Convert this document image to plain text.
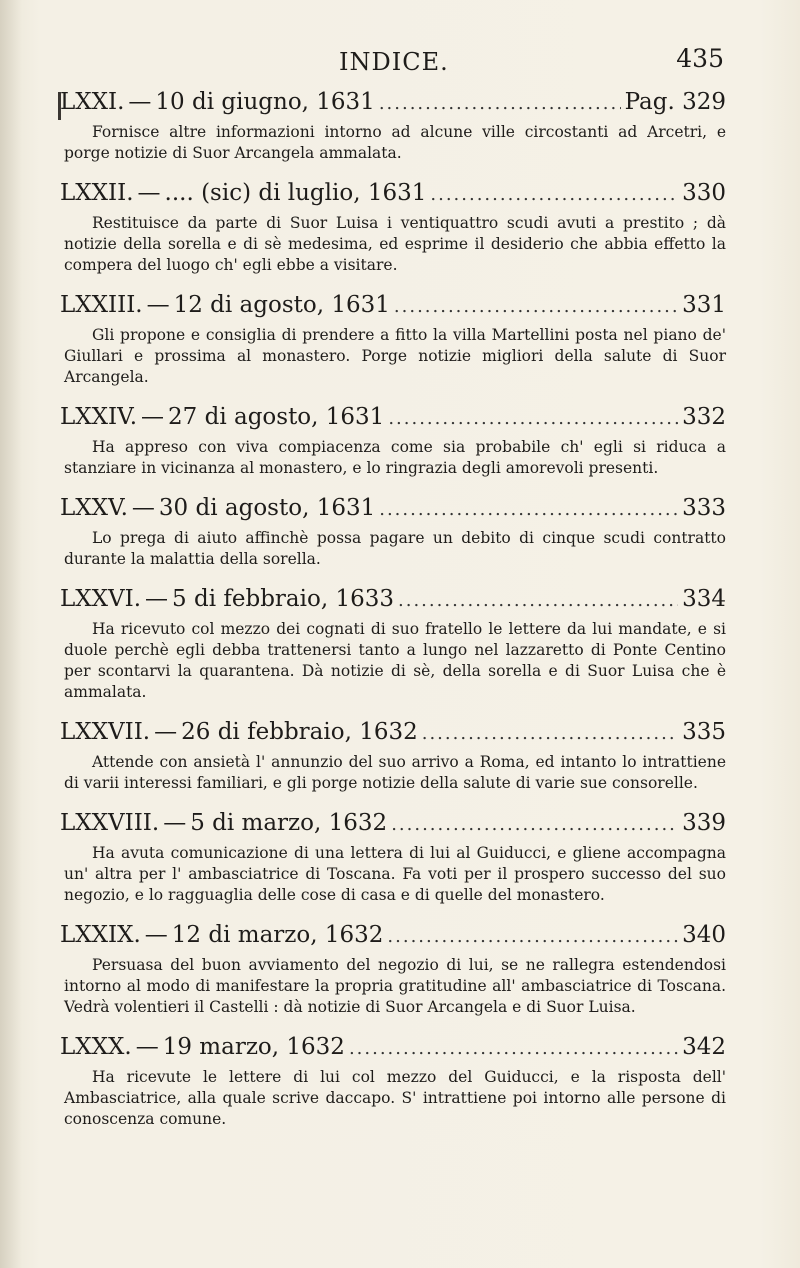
INDICE.	435
LXXI. — 10 di giugno, 1631 .....	Pag. 329
Fornisce altre informazioni intorno ad alcune ville circostanti ad Arcetri, e porge notizie di Suor Arcangela ammalata.
LXXII. — .... (sic) di luglio, 1631 .....	330
Restituisce da parte di Suor Luisa i ventiquattro scudi avuti a prestito ; dà notizie della sorella e di sè medesima, ed esprime il desiderio che abbia effetto la compera del luogo ch' egli ebbe a visitare.
LXXIII. — 12 di agosto, 1631 .....	331
Gli propone e consiglia di prendere a fitto la villa Martellini posta nel piano de' Giullari e prossima al monastero. Porge notizie migliori della salute di Suor Arcangela.
LXXIV. — 27 di agosto, 1631 .....	332
Ha appreso con viva compiacenza come sia probabile ch' egli si riduca a stanziare in vicinanza al monastero, e lo ringrazia degli amorevoli presenti.
LXXV. — 30 di agosto, 1631 .....	333
Lo prega di aiuto affinchè possa pagare un debito di cinque scudi contratto durante la malattia della sorella.
LXXVI. — 5 di febbraio, 1633 .....	334
Ha ricevuto col mezzo dei cognati di suo fratello le lettere da lui mandate, e si duole perchè egli debba trattenersi tanto a lungo nel lazzaretto di Ponte Centino per scontarvi la quarantena. Dà notizie di sè, della sorella e di Suor Luisa che è ammalata.
LXXVII. — 26 di febbraio, 1632 .....	335
Attende con ansietà l' annunzio del suo arrivo a Roma, ed intanto lo intrattiene di varii interessi familiari, e gli porge notizie della salute di varie sue consorelle.
LXXVIII. — 5 di marzo, 1632 .....	339
Ha avuta comunicazione di una lettera di lui al Guiducci, e gliene accompagna un' altra per l' ambasciatrice di Toscana. Fa voti per il prospero successo del suo negozio, e lo ragguaglia delle cose di casa e di quelle del monastero.
LXXIX. — 12 di marzo, 1632 .....	340
Persuasa del buon avviamento del negozio di lui, se ne rallegra estendendosi intorno al modo di manifestare la propria gratitudine all' ambasciatrice di Toscana. Vedrà volentieri il Castelli : dà notizie di Suor Arcangela e di Suor Luisa.
LXXX. — 19 marzo, 1632 .....	342
Ha ricevute le lettere di lui col mezzo del Guiducci, e la risposta dell' Ambasciatrice, alla quale scrive daccapo. S' intrattiene poi intorno alle persone di conoscenza comune.
